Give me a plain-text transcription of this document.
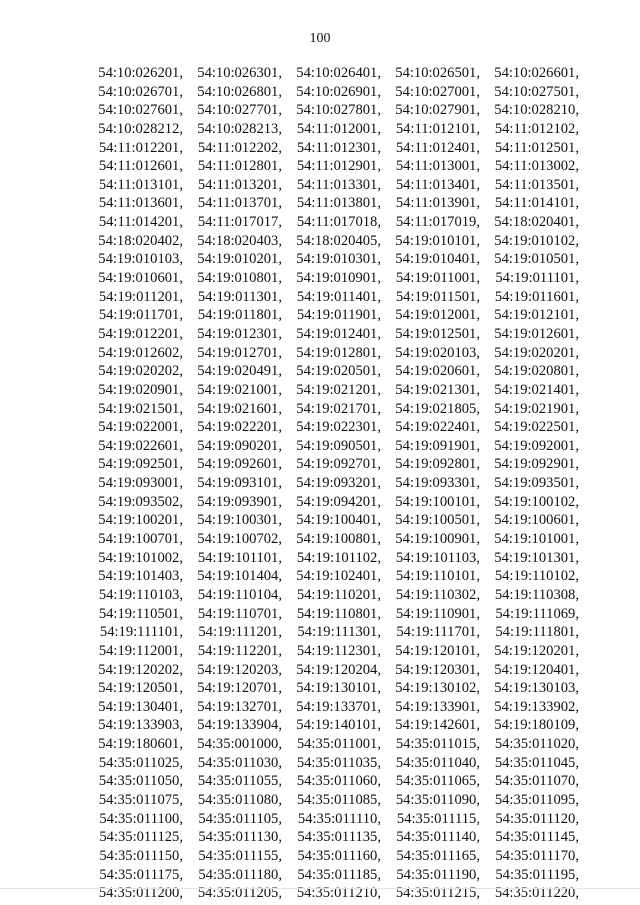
100
54:10:026201, 54:10:026301, 54:10:026401, 54:10:026501, 54:10:026601,
54:10:026701, 54:10:026801, 54:10:026901, 54:10:027001, 54:10:027501,
54:10:027601, 54:10:027701, 54:10:027801, 54:10:027901, 54:10:028210,
54:10:028212, 54:10:028213,	54:11:012001,	54:11:012101,	54:11:012102,
54:11:012201,	54:11:012202,	54:11:012301,	54:11:012401,	54:11:012501,
54:11:012601,	54:11:012801,	54:11:012901,	54:11:013001,	54:11:013002,
54:11:013101,	54:11:013201,	54:11:013301,	54:11:013401,	54:11:013501,
54:11:013601,	54:11:013701,	54:11:013801,	54:11:013901,	54:11:014101,
54:11:014201,	54:11:017017,	54:11:017018,	54:11:017019, 54:18:020401,
54:18:020402, 54:18:020403, 54:18:020405, 54:19:010101, 54:19:010102,
54:19:010103, 54:19:010201, 54:19:010301, 54:19:010401, 54:19:010501,
54:19:010601, 54:19:010801, 54:19:010901,	54:19:011001,	54:19:011101,
54:19:011201,	54:19:011301,	54:19:011401,	54:19:011501,	54:19:011601,
54:19:011701,	54:19:011801,	54:19:011901, 54:19:012001, 54:19:012101,
54:19:012201, 54:19:012301, 54:19:012401, 54:19:012501, 54:19:012601,
54:19:012602, 54:19:012701, 54:19:012801, 54:19:020103, 54:19:020201,
54:19:020202, 54:19:020491, 54:19:020501, 54:19:020601, 54:19:020801,
54:19:020901, 54:19:021001, 54:19:021201, 54:19:021301, 54:19:021401,
54:19:021501, 54:19:021601, 54:19:021701, 54:19:021805, 54:19:021901,
54:19:022001, 54:19:022201, 54:19:022301, 54:19:022401, 54:19:022501,
54:19:022601, 54:19:090201, 54:19:090501, 54:19:091901, 54:19:092001,
54:19:092501, 54:19:092601, 54:19:092701, 54:19:092801, 54:19:092901,
54:19:093001, 54:19:093101, 54:19:093201, 54:19:093301, 54:19:093501,
54:19:093502, 54:19:093901, 54:19:094201, 54:19:100101, 54:19:100102,
54:19:100201, 54:19:100301, 54:19:100401, 54:19:100501, 54:19:100601,
54:19:100701, 54:19:100702, 54:19:100801, 54:19:100901, 54:19:101001,
54:19:101002,	54:19:101101,	54:19:101102,	54:19:101103, 54:19:101301,
54:19:101403, 54:19:101404, 54:19:102401,	54:19:110101,	54:19:110102,
54:19:110103,	54:19:110104,	54:19:110201,	54:19:110302,	54:19:110308,
54:19:110501,	54:19:110701,	54:19:110801,	54:19:110901,	54:19:111069,
54:19:111101,	54:19:111201,	54:19:111301,	54:19:111701,	54:19:111801,
54:19:112001,	54:19:112201,	54:19:112301, 54:19:120101, 54:19:120201,
54:19:120202, 54:19:120203, 54:19:120204, 54:19:120301, 54:19:120401,
54:19:120501, 54:19:120701, 54:19:130101, 54:19:130102, 54:19:130103,
54:19:130401, 54:19:132701, 54:19:133701, 54:19:133901, 54:19:133902,
54:19:133903, 54:19:133904, 54:19:140101, 54:19:142601, 54:19:180109,
54:19:180601, 54:35:001000,	54:35:011001,	54:35:011015,	54:35:011020,
54:35:011025,	54:35:011030,	54:35:011035,	54:35:011040,	54:35:011045,
54:35:011050,	54:35:011055,	54:35:011060,	54:35:011065,	54:35:011070,
54:35:011075,	54:35:011080,	54:35:011085,	54:35:011090,	54:35:011095,
54:35:011100,	54:35:011105,	54:35:011110,	54:35:011115,	54:35:011120,
54:35:011125,	54:35:011130,	54:35:011135,	54:35:011140,	54:35:011145,
54:35:011150,	54:35:011155,	54:35:011160,	54:35:011165,	54:35:011170,
54:35:011175,	54:35:011180,	54:35:011185,	54:35:011190,	54:35:011195,
54:35:011200,	54:35:011205,	54:35:011210,	54:35:011215,	54:35:011220,
